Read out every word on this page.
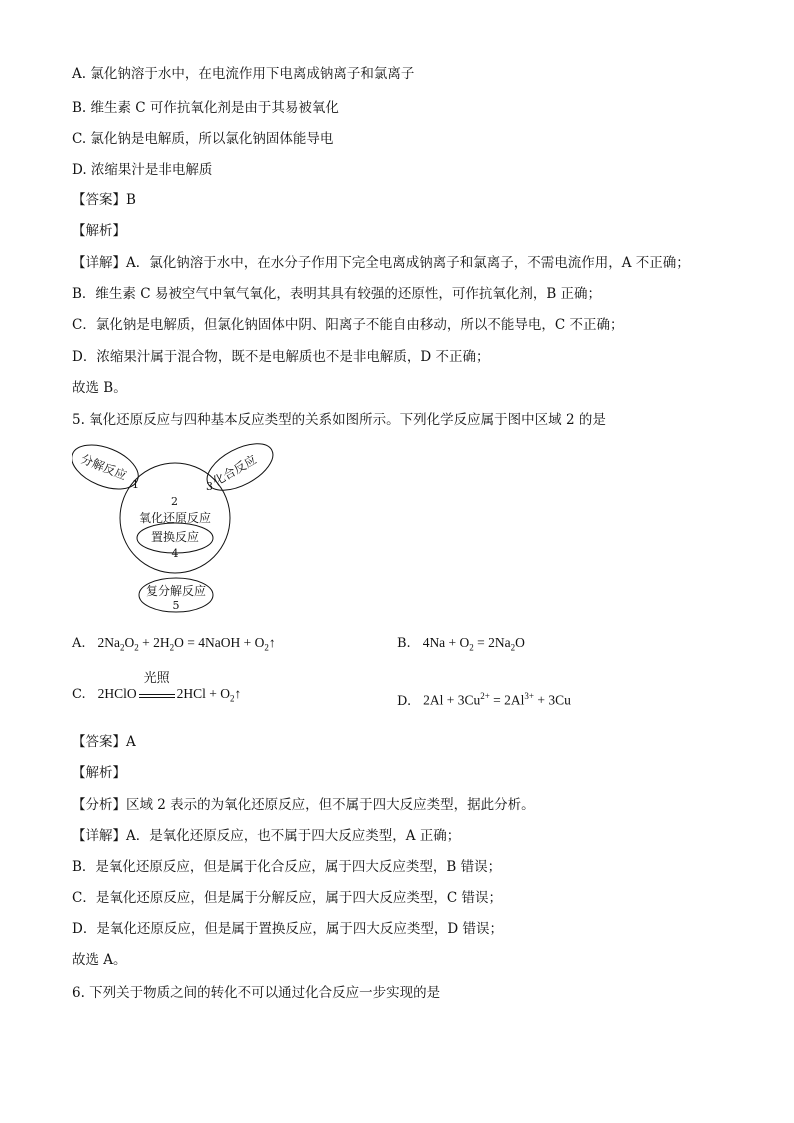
A. 氯化钠溶于水中，在电流作用下电离成钠离子和氯离子
B. 维生素 C 可作抗氧化剂是由于其易被氧化
C. 氯化钠是电解质，所以氯化钠固体能导电
D. 浓缩果汁是非电解质
【答案】B
【解析】
【详解】A．氯化钠溶于水中，在水分子作用下完全电离成钠离子和氯离子，不需电流作用，A 不正确；
B．维生素 C 易被空气中氧气氧化，表明其具有较强的还原性，可作抗氧化剂，B 正确；
C．氯化钠是电解质，但氯化钠固体中阴、阳离子不能自由移动，所以不能导电，C 不正确；
D．浓缩果汁属于混合物，既不是电解质也不是非电解质，D 不正确；
故选 B。
5. 氧化还原反应与四种基本反应类型的关系如图所示。下列化学反应属于图中区域 2 的是
分解反应
1	化合反应
3
2
氧化还原反应
置换反应
4
复分解反应
5
A. $2Na_2O_2 + 2H_2O$ = 4NaOH + $O_2↑$	B. $4Na + O_2 = 2Na_2O$
C. 2HClO
光照
$2HCl + O_2↑$	D. $2Al + 3Cu^{2+} = 2Al^{3+} + 3Cu$
【答案】A
【解析】
【分析】区域 2 表示的为氧化还原反应，但不属于四大反应类型，据此分析。
【详解】A．是氧化还原反应，也不属于四大反应类型，A 正确；
B．是氧化还原反应，但是属于化合反应，属于四大反应类型，B 错误；
C．是氧化还原反应，但是属于分解反应，属于四大反应类型，C 错误；
D．是氧化还原反应，但是属于置换反应，属于四大反应类型，D 错误；
故选 A。
6. 下列关于物质之间的转化不可以通过化合反应一步实现的是
